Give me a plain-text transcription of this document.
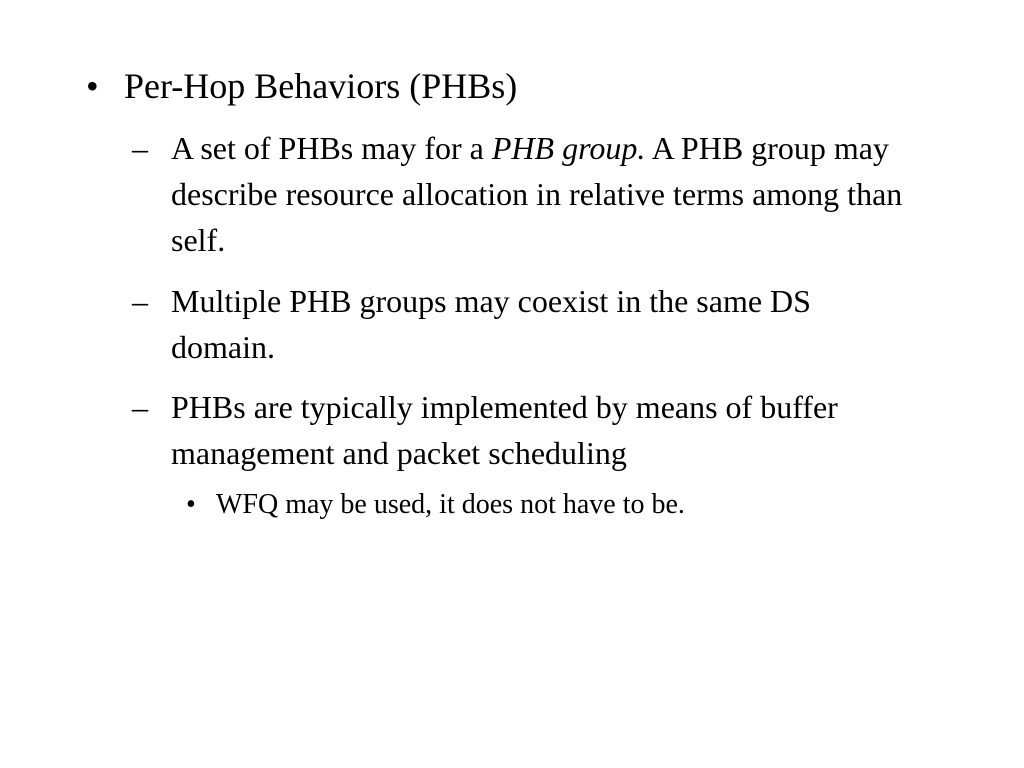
• Per-Hop Behaviors (PHBs)
– A set of PHBs may for a PHB group. A PHB group may describe resource allocation in relative terms among than self.
– Multiple PHB groups may coexist in the same DS domain.
– PHBs are typically implemented by means of buffer management and packet scheduling
• WFQ may be used, it does not have to be.
